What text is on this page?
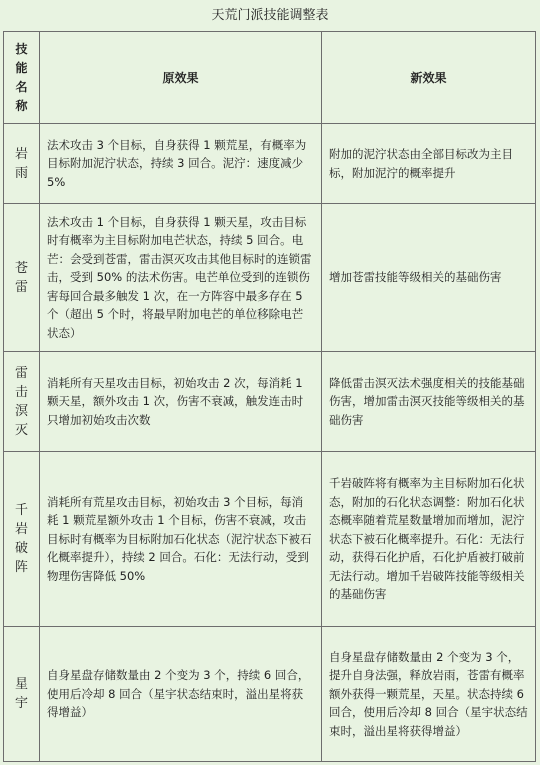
天荒门派技能调整表
技能名称	原效果	新效果
岩雨	法术攻击 3 个目标，自身获得 1 颗荒星，有概率为目标附加泥泞状态，持续 3 回合。泥泞：速度减少 5%	附加的泥泞状态由全部目标改为主目标，附加泥泞的概率提升
苍雷	法术攻击 1 个目标，自身获得 1 颗天星，攻击目标时有概率为主目标附加电芒状态，持续 5 回合。电芒：会受到苍雷，雷击溟灭攻击其他目标时的连锁雷击，受到 50% 的法术伤害。电芒单位受到的连锁伤害每回合最多触发 1 次，在一方阵容中最多存在 5 个（超出 5 个时，将最早附加电芒的单位移除电芒状态）	增加苍雷技能等级相关的基础伤害
雷击溟灭	消耗所有天星攻击目标，初始攻击 2 次，每消耗 1 颗天星，额外攻击 1 次，伤害不衰减，触发连击时只增加初始攻击次数	降低雷击溟灭法术强度相关的技能基础伤害，增加雷击溟灭技能等级相关的基础伤害
千岩破阵	消耗所有荒星攻击目标，初始攻击 3 个目标，每消耗 1 颗荒星额外攻击 1 个目标，伤害不衰减，攻击目标时有概率为目标附加石化状态（泥泞状态下被石化概率提升），持续 2 回合。石化：无法行动，受到物理伤害降低 50%	千岩破阵将有概率为主目标附加石化状态，附加的石化状态调整：附加石化状态概率随着荒星数量增加而增加，泥泞状态下被石化概率提升。石化：无法行动，获得石化护盾，石化护盾被打破前无法行动。增加千岩破阵技能等级相关的基础伤害
星宇	自身星盘存储数量由 2 个变为 3 个，持续 6 回合，使用后冷却 8 回合（星宇状态结束时，溢出星将获得增益）	自身星盘存储数量由 2 个变为 3 个，提升自身法强，释放岩雨，苍雷有概率额外获得一颗荒星，天星。状态持续 6 回合，使用后冷却 8 回合（星宇状态结束时，溢出星将获得增益）
